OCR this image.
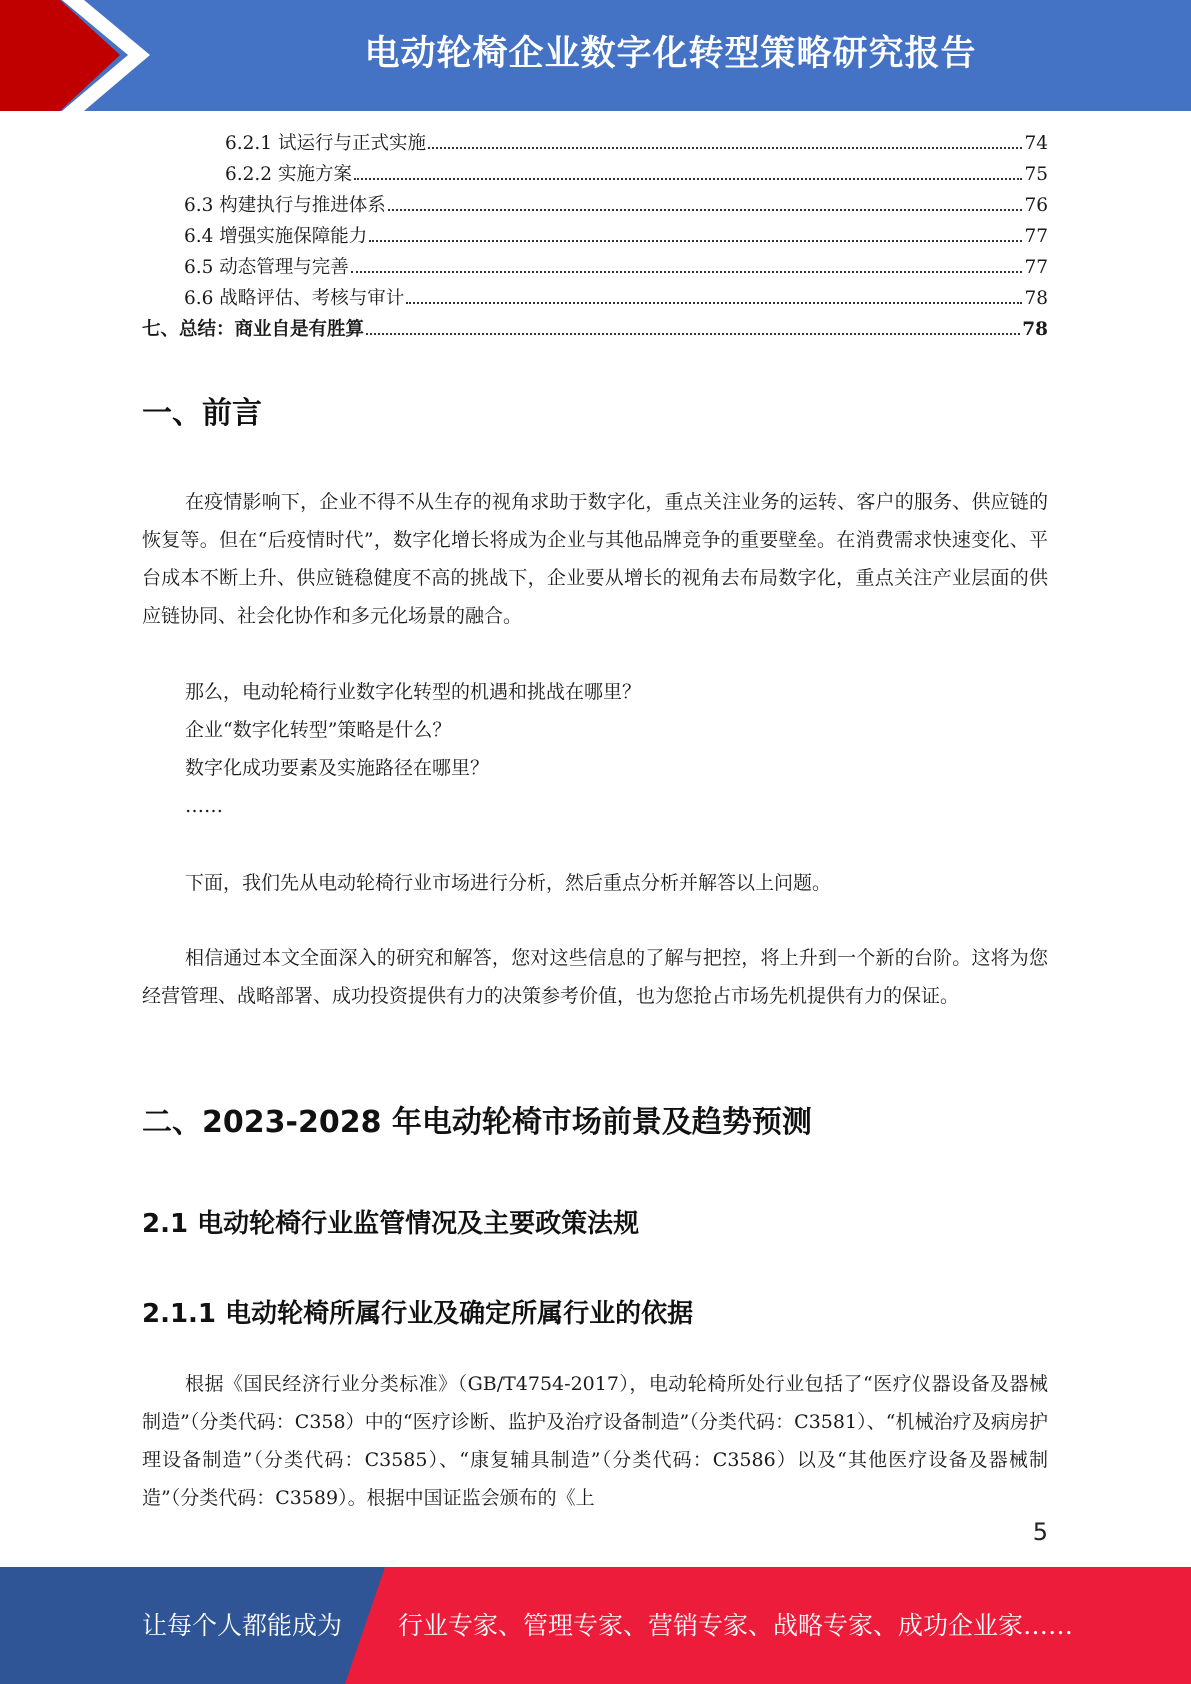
电动轮椅企业数字化转型策略研究报告
6.2.1 试运行与正式实施	74
6.2.2 实施方案	75
6.3 构建执行与推进体系	76
6.4 增强实施保障能力	77
6.5 动态管理与完善	77
6.6 战略评估、考核与审计	78
七、总结：商业自是有胜算	78
一、前言

在疫情影响下，企业不得不从生存的视角求助于数字化，重点关注业务的运转、客户的服务、供应链的恢复等。但在“后疫情时代”，数字化增长将成为企业与其他品牌竞争的重要壁垒。在消费需求快速变化、平台成本不断上升、供应链稳健度不高的挑战下，企业要从增长的视角去布局数字化，重点关注产业层面的供应链协同、社会化协作和多元化场景的融合。

那么，电动轮椅行业数字化转型的机遇和挑战在哪里？

企业“数字化转型”策略是什么？

数字化成功要素及实施路径在哪里？

……

下面，我们先从电动轮椅行业市场进行分析，然后重点分析并解答以上问题。

相信通过本文全面深入的研究和解答，您对这些信息的了解与把控，将上升到一个新的台阶。这将为您经营管理、战略部署、成功投资提供有力的决策参考价值，也为您抢占市场先机提供有力的保证。

二、2023-2028 年电动轮椅市场前景及趋势预测
2.1 电动轮椅行业监管情况及主要政策法规
2.1.1 电动轮椅所属行业及确定所属行业的依据

根据《国民经济行业分类标准》（GB/T4754-2017），电动轮椅所处行业包括了“医疗仪器设备及器械制造”（分类代码：C358）中的“医疗诊断、监护及治疗设备制造”（分类代码：C3581）、“机械治疗及病房护理设备制造”（分类代码：C3585）、“康复辅具制造”（分类代码：C3586）以及“其他医疗设备及器械制造”（分类代码：C3589）。根据中国证监会颁布的《上

5
让每个人都能成为 行业专家、管理专家、营销专家、战略专家、成功企业家……
